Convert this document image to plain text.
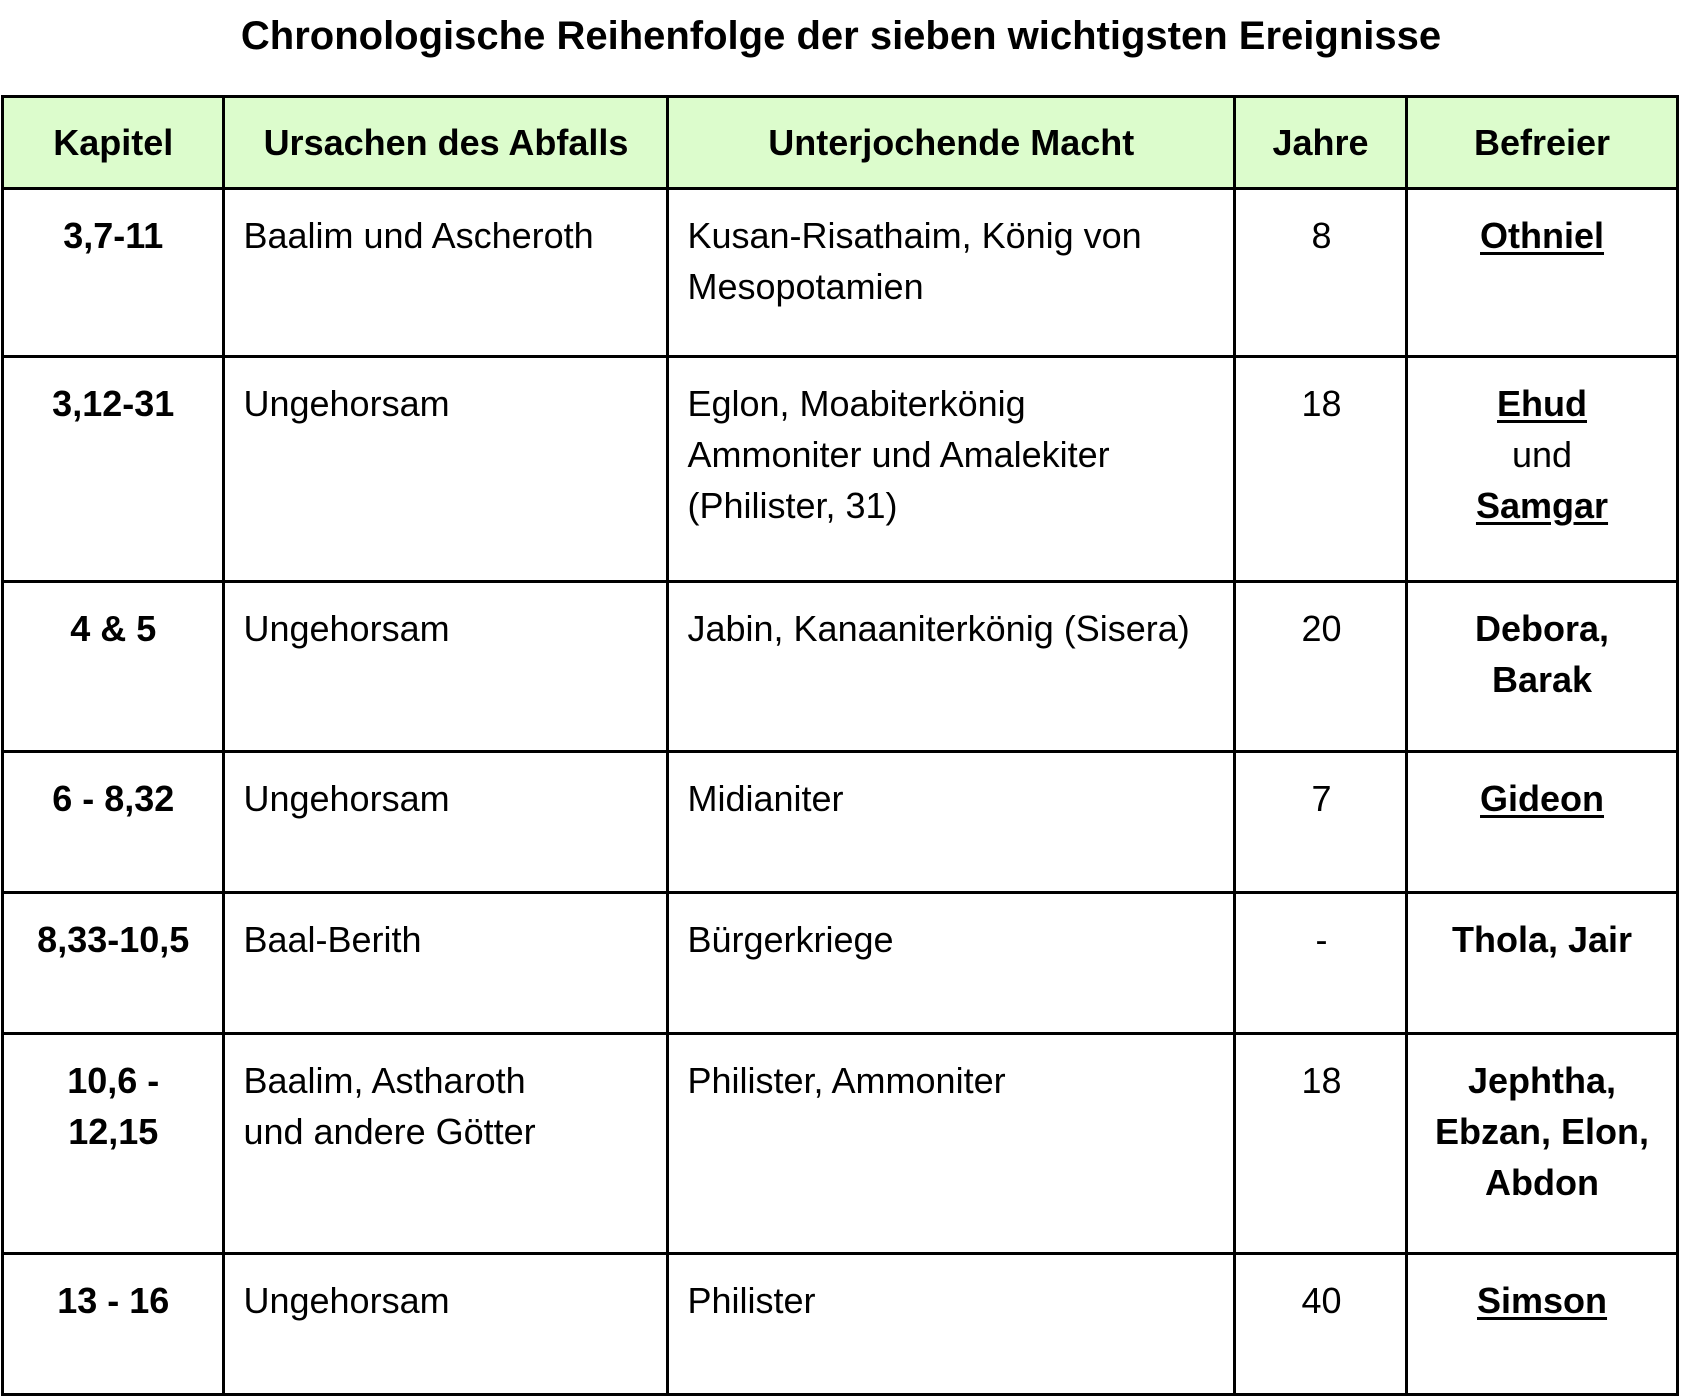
Chronologische Reihenfolge der sieben wichtigsten Ereignisse
Kapitel	Ursachen des Abfalls	Unterjochende Macht	Jahre	Befreier
3,7-11	Baalim und Ascheroth	Kusan-Risathaim, König von
Mesopotamien	8	Othniel

3,12-31	Ungehorsam	Eglon, Moabiterkönig
Ammoniter und Amalekiter
(Philister, 31)	18	Ehud
und
Samgar

4 & 5	Ungehorsam	Jabin, Kanaaniterkönig (Sisera)	20	Debora,
Barak

6 - 8,32	Ungehorsam	Midianiter	7	Gideon

8,33-10,5	Baal-Berith	Bürgerkriege	-	Thola, Jair

10,6 -
12,15	Baalim, Astharoth
und andere Götter	Philister, Ammoniter	18	Jephtha,
Ebzan, Elon,
Abdon

13 - 16	Ungehorsam	Philister	40	Simson
